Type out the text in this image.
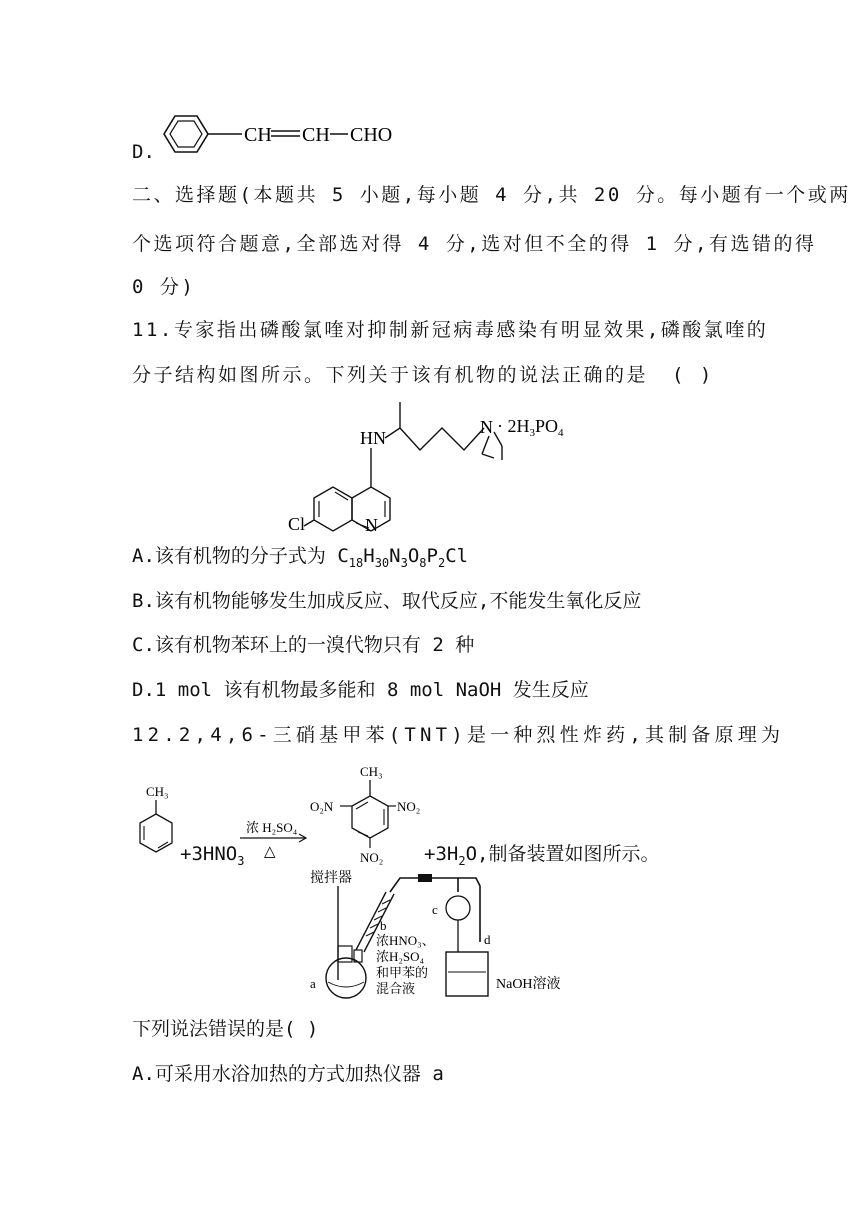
D.
CH CH CHO
二、选择题(本题共 5 小题,每小题 4 分,共 20 分。每小题有一个或两
个选项符合题意,全部选对得 4 分,选对但不全的得 1 分,有选错的得
0 分)
11.专家指出磷酸氯喹对抑制新冠病毒感染有明显效果,磷酸氯喹的
分子结构如图所示。下列关于该有机物的说法正确的是 ( )
Cl	N
HN
$N \cdot 2H_3PO_4$
A.该有机物的分子式为 $C_{18}H_{30}N_3O_8P_2Cl$
B.该有机物能够发生加成反应、取代反应,不能发生氧化反应
C.该有机物苯环上的一溴代物只有 2 种
D.1 mol 该有机物最多能和 8 mol NaOH 发生反应
12.2,4,6-三硝基甲苯(TNT)是一种烈性炸药,其制备原理为
CH₃
$+3HNO_3$
浓 H₂SO₄
△
CH₃
O₂N	NO₂
$NO_2 +3H_2O$,制备装置如图所示。
搅拌器
a
b
c
d
NaOH溶液
浓HNO₃、
浓H₂SO₄
和甲苯的
混合液
下列说法错误的是( )
A.可采用水浴加热的方式加热仪器 a
